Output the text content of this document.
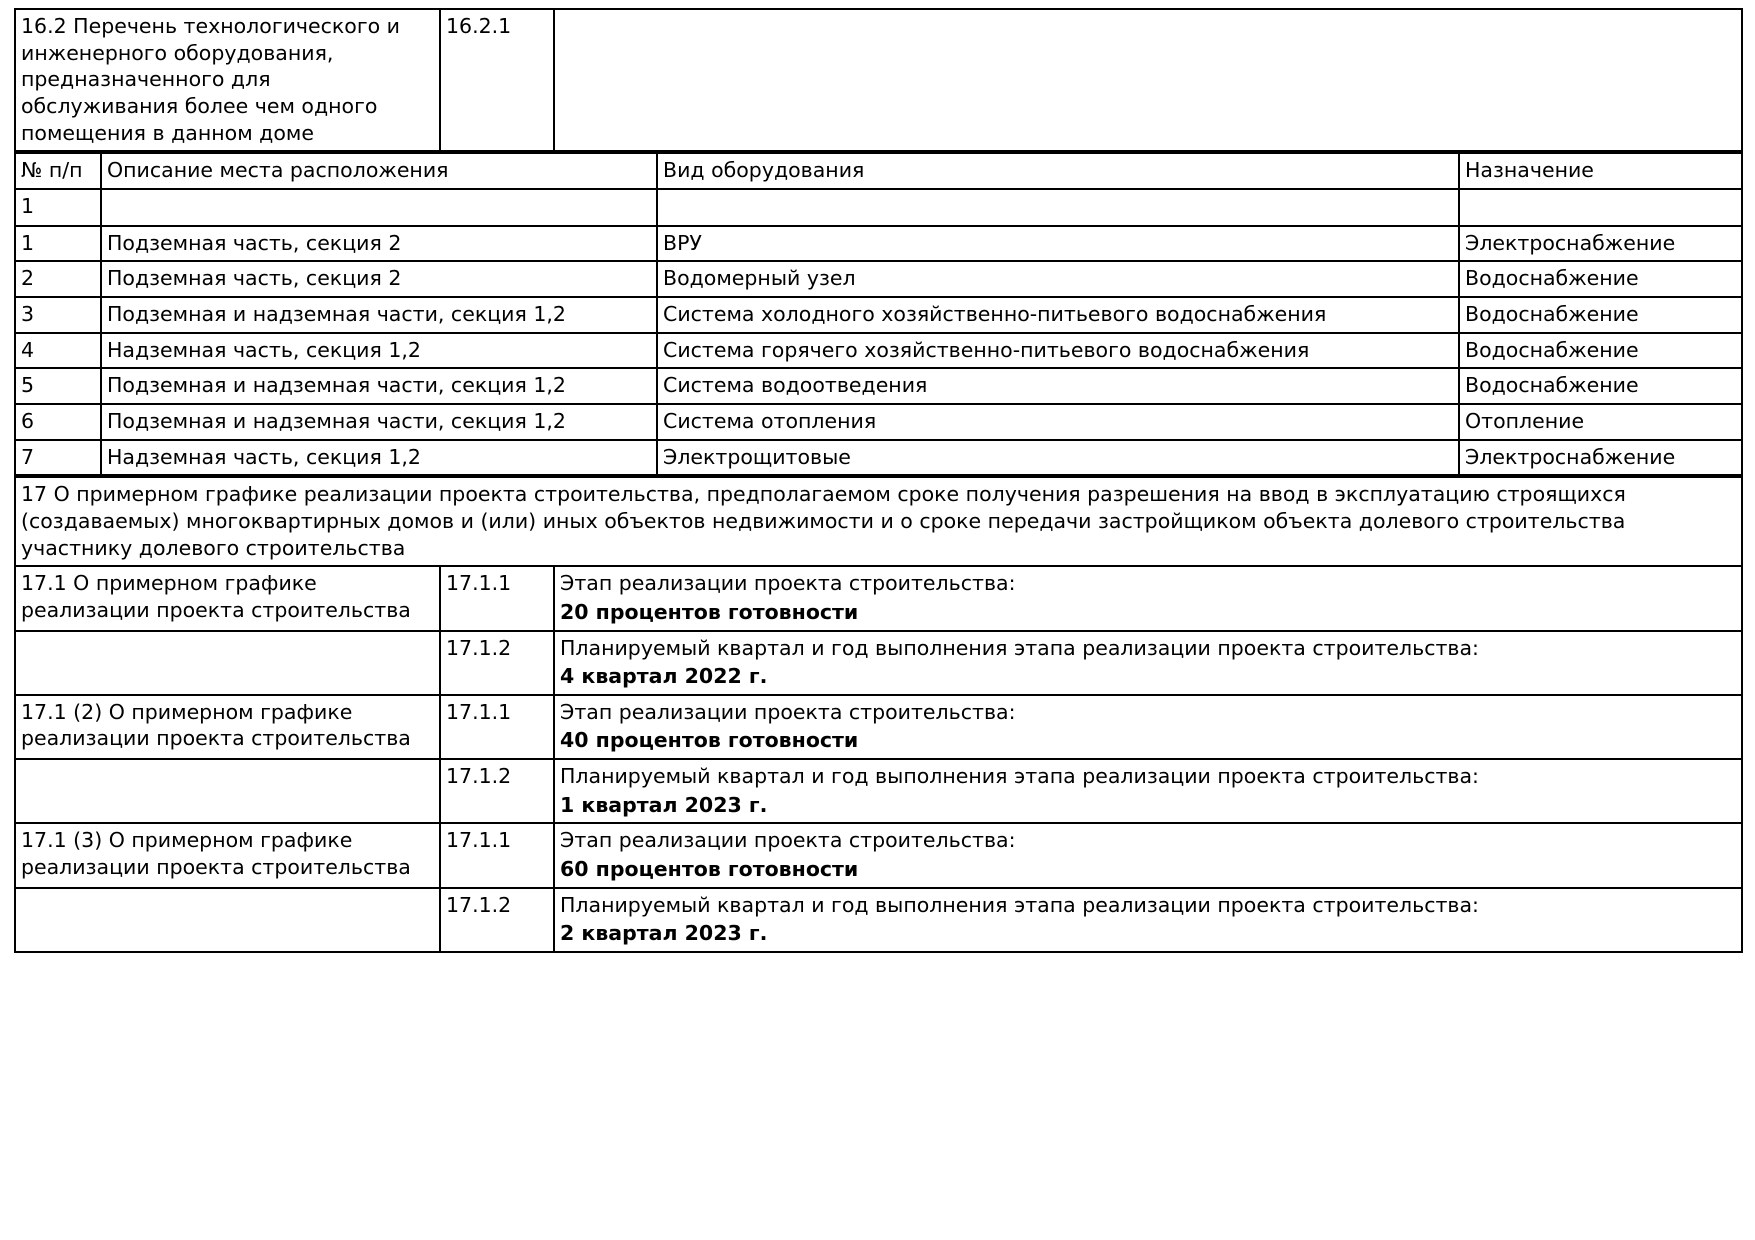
16.2 Перечень технологического и инженерного оборудования, предназначенного для обслуживания более чем одного помещения в данном доме	16.2.1	
№ п/п	Описание места расположения	Вид оборудования	Назначение
1			
1	Подземная часть, секция 2	ВРУ	Электроснабжение
2	Подземная часть, секция 2	Водомерный узел	Водоснабжение
3	Подземная и надземная части, секция 1,2	Система холодного хозяйственно-питьевого водоснабжения	Водоснабжение
4	Надземная часть, секция 1,2	Система горячего хозяйственно-питьевого водоснабжения	Водоснабжение
5	Подземная и надземная части, секция 1,2	Система водоотведения	Водоснабжение
6	Подземная и надземная части, секция 1,2	Система отопления	Отопление
7	Надземная часть, секция 1,2	Электрощитовые	Электроснабжение
17 О примерном графике реализации проекта строительства, предполагаемом сроке получения разрешения на ввод в эксплуатацию строящихся (создаваемых) многоквартирных домов и (или) иных объектов недвижимости и о сроке передачи застройщиком объекта долевого строительства участнику долевого строительства		
17.1 О примерном графике реализации проекта строительства	17.1.1	Этап реализации проекта строительства:
20 процентов готовности

	17.1.2	Планируемый квартал и год выполнения этапа реализации проекта строительства:
4 квартал 2022 г.

17.1 (2) О примерном графике реализации проекта строительства	17.1.1	Этап реализации проекта строительства:
40 процентов готовности

	17.1.2	Планируемый квартал и год выполнения этапа реализации проекта строительства:
1 квартал 2023 г.

17.1 (3) О примерном графике реализации проекта строительства	17.1.1	Этап реализации проекта строительства:
60 процентов готовности

	17.1.2	Планируемый квартал и год выполнения этапа реализации проекта строительства:
2 квартал 2023 г.
